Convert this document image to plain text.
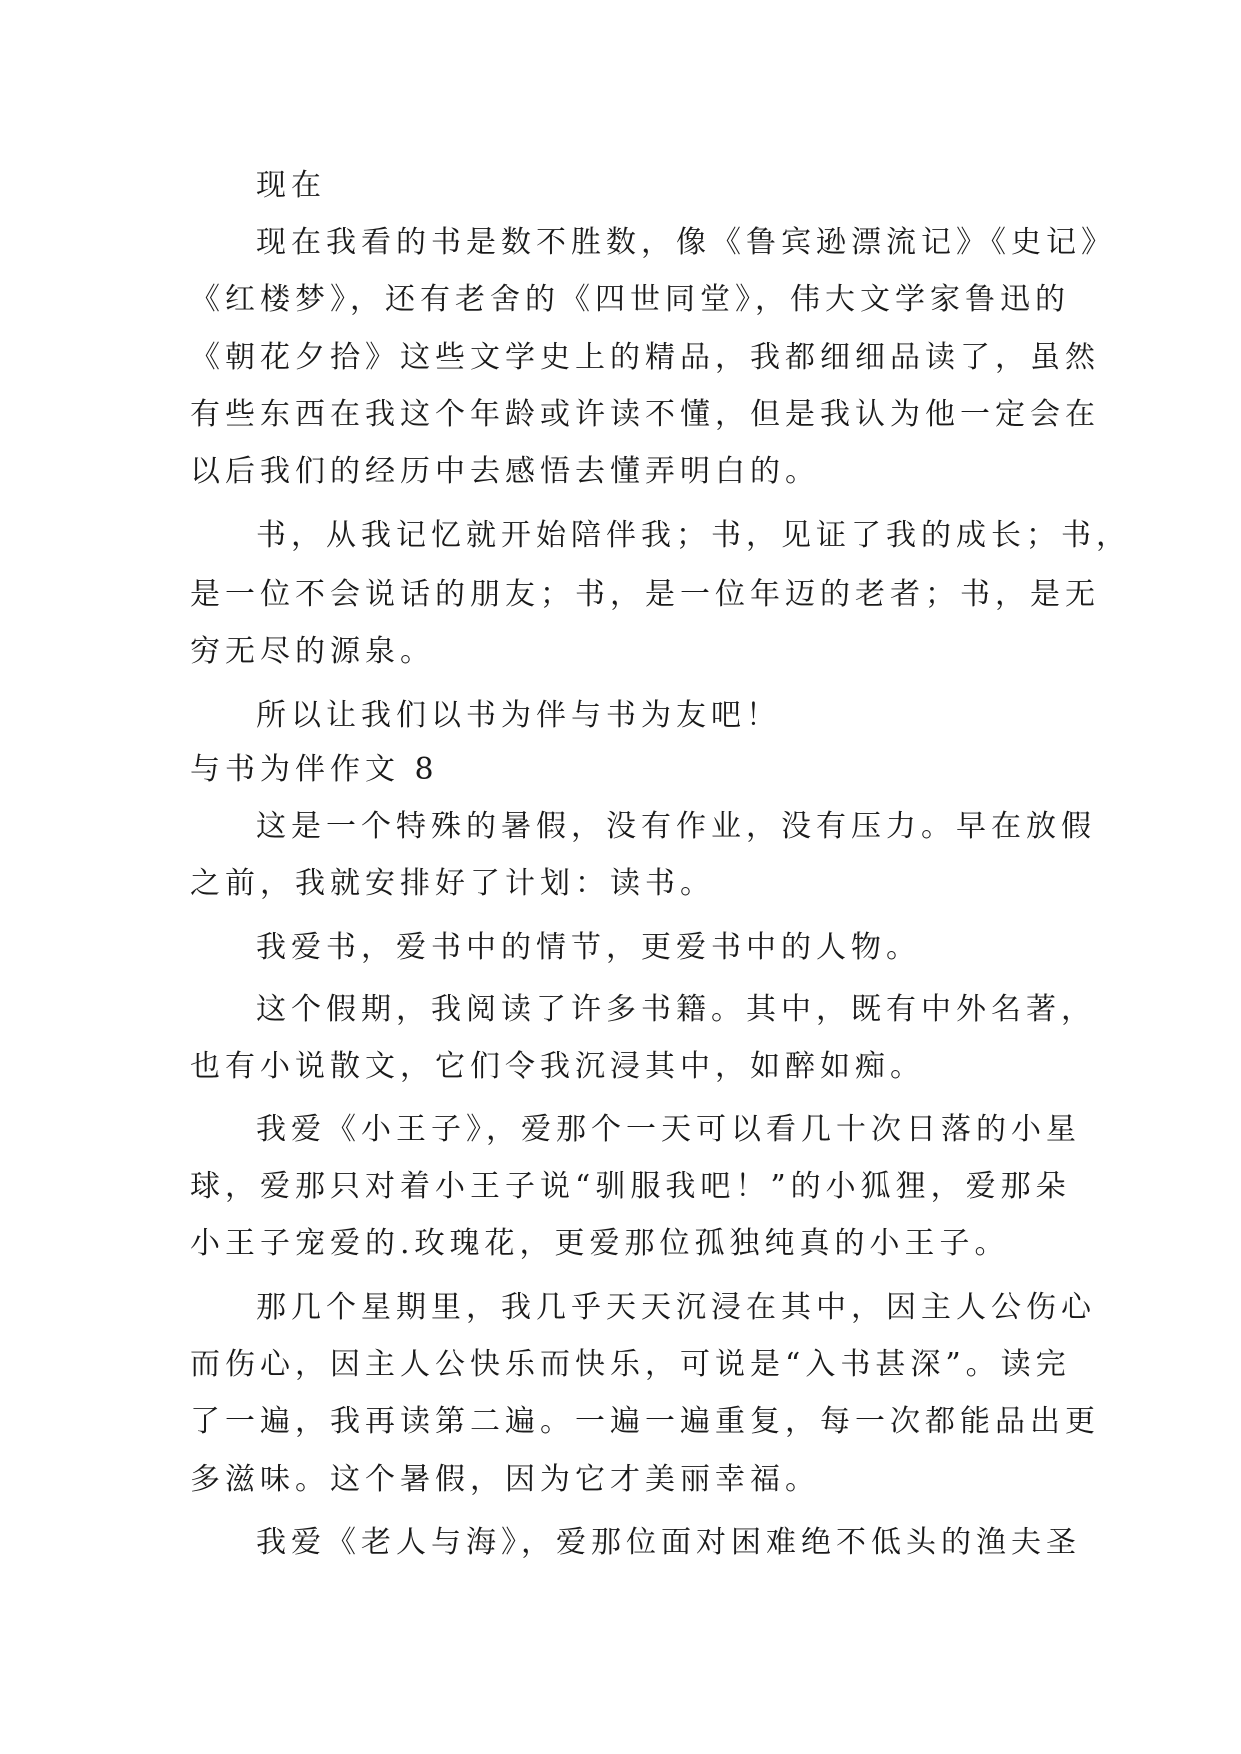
现在
现在我看的书是数不胜数，像《鲁宾逊漂流记》《史记》
《红楼梦》，还有老舍的《四世同堂》，伟大文学家鲁迅的
《朝花夕拾》这些文学史上的精品，我都细细品读了，虽然
有些东西在我这个年龄或许读不懂，但是我认为他一定会在
以后我们的经历中去感悟去懂弄明白的。
书，从我记忆就开始陪伴我；书，见证了我的成长；书，
是一位不会说话的朋友；书，是一位年迈的老者；书，是无
穷无尽的源泉。
所以让我们以书为伴与书为友吧！
与书为伴作文 8
这是一个特殊的暑假，没有作业，没有压力。早在放假
之前，我就安排好了计划：读书。
我爱书，爱书中的情节，更爱书中的人物。
这个假期，我阅读了许多书籍。其中，既有中外名著，
也有小说散文，它们令我沉浸其中，如醉如痴。
我爱《小王子》，爱那个一天可以看几十次日落的小星
球，爱那只对着小王子说“驯服我吧！”的小狐狸，爱那朵
小王子宠爱的.玫瑰花，更爱那位孤独纯真的小王子。
那几个星期里，我几乎天天沉浸在其中，因主人公伤心
而伤心，因主人公快乐而快乐，可说是“入书甚深”。读完
了一遍，我再读第二遍。一遍一遍重复，每一次都能品出更
多滋味。这个暑假，因为它才美丽幸福。
我爱《老人与海》，爱那位面对困难绝不低头的渔夫圣
